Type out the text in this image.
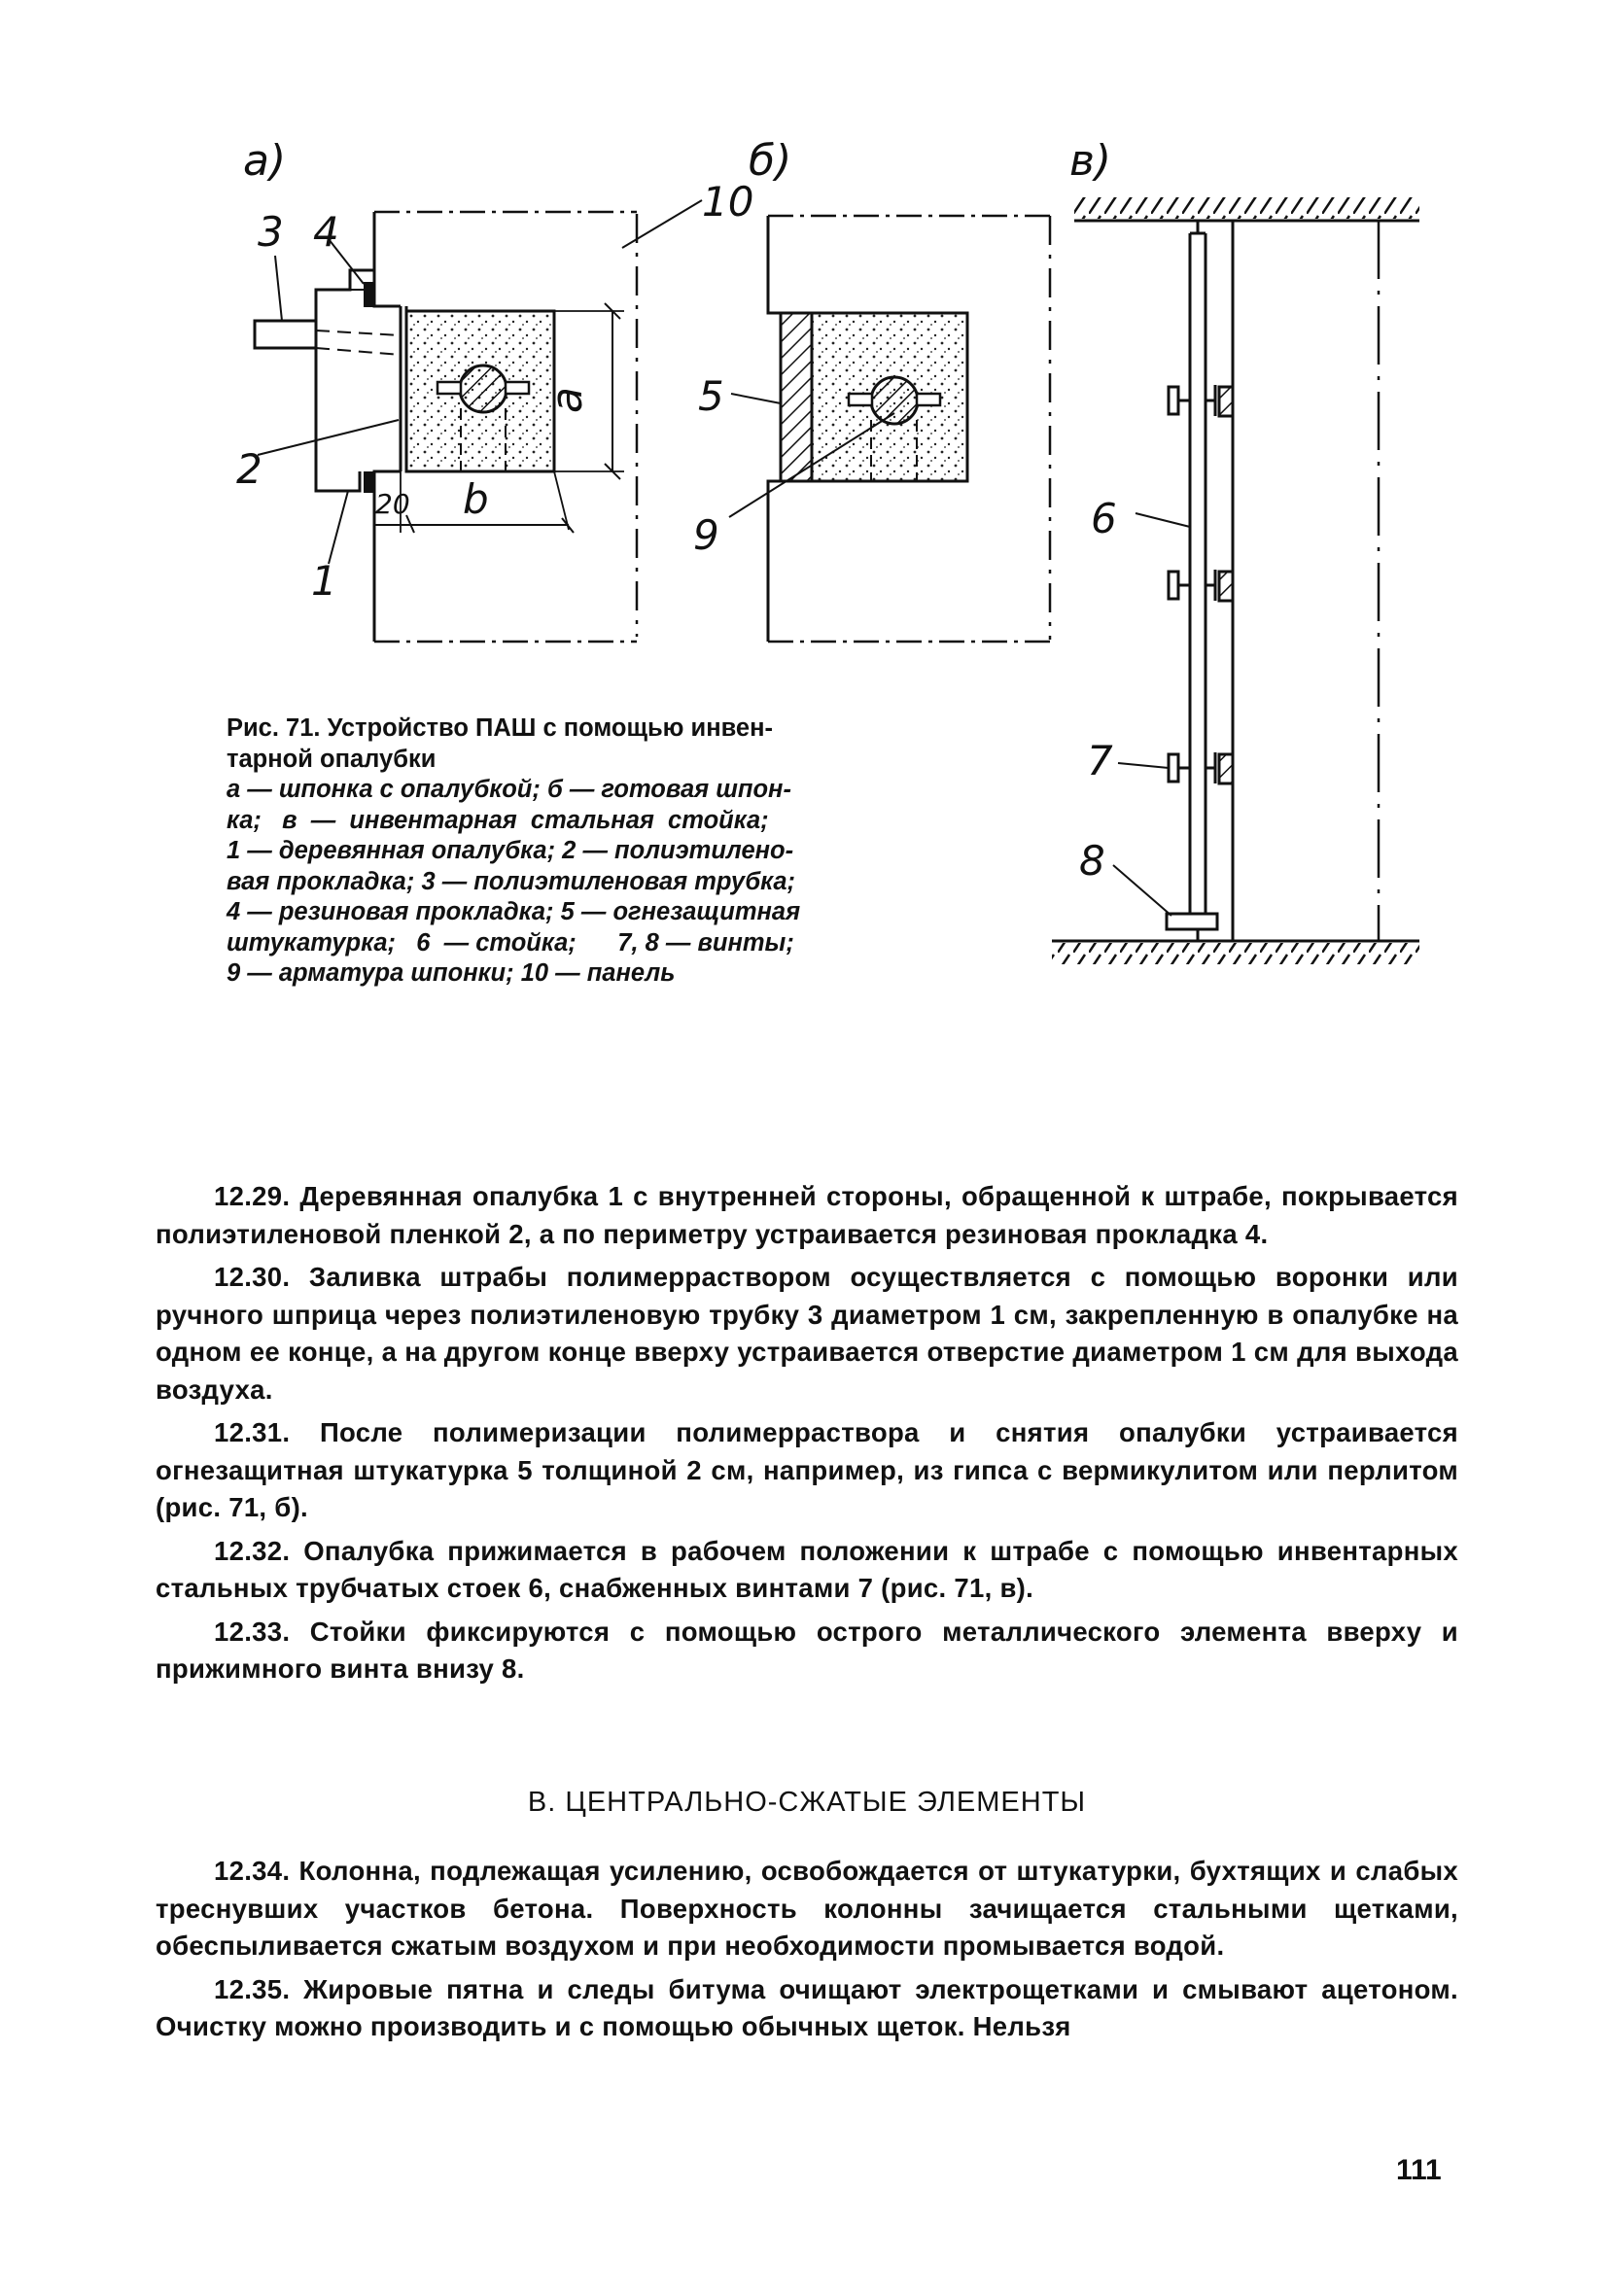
а)	б)	в)
3 4
2
1
10
a
b
20
5
9	6
7
8

Рис. 71. Устройство ПАШ с помощью инвен-

тарной опалубки

а — шпонка с опалубкой; б — готовая шпон-

ка;   в  —  инвентарная  стальная  стойка;

1 — деревянная опалубка; 2 — полиэтилено-

вая прокладка; 3 — полиэтиленовая трубка;

4 — резиновая прокладка; 5 — огнезащитная

штукатурка;   6  — стойка;      7, 8 — винты;

9 — арматура шпонки; 10 — панель

12.29. Деревянная опалубка 1 с внутренней стороны, обращенной к штрабе, покрывается полиэтиленовой пленкой 2, а по периметру устраивается резиновая прокладка 4.

12.30. Заливка штрабы полимерраствором осуществляется с помощью воронки или ручного шприца через полиэтиленовую трубку 3 диаметром 1 см, закрепленную в опалубке на одном ее конце, а на другом конце вверху устраивается отверстие диаметром 1 см для выхода воздуха.

12.31. После полимеризации полимерраствора и снятия опалубки устраивается огнезащитная штукатурка 5 толщиной 2 см, например, из гипса с вермикулитом или перлитом (рис. 71, б).

12.32. Опалубка прижимается в рабочем положении к штрабе с помощью инвентарных стальных трубчатых стоек 6, снабженных винтами 7 (рис. 71, в).

12.33. Стойки фиксируются с помощью острого металлического элемента вверху и прижимного винта внизу 8.

В. ЦЕНТРАЛЬНО-СЖАТЫЕ ЭЛЕМЕНТЫ

12.34. Колонна, подлежащая усилению, освобождается от штукатурки, бухтящих и слабых треснувших участков бетона. Поверхность колонны зачищается стальными щетками, обеспыливается сжатым воздухом и при необходимости промывается водой.

12.35. Жировые пятна и следы битума очищают электрощетками и смывают ацетоном. Очистку можно производить и с помощью обычных щеток. Нельзя

111
